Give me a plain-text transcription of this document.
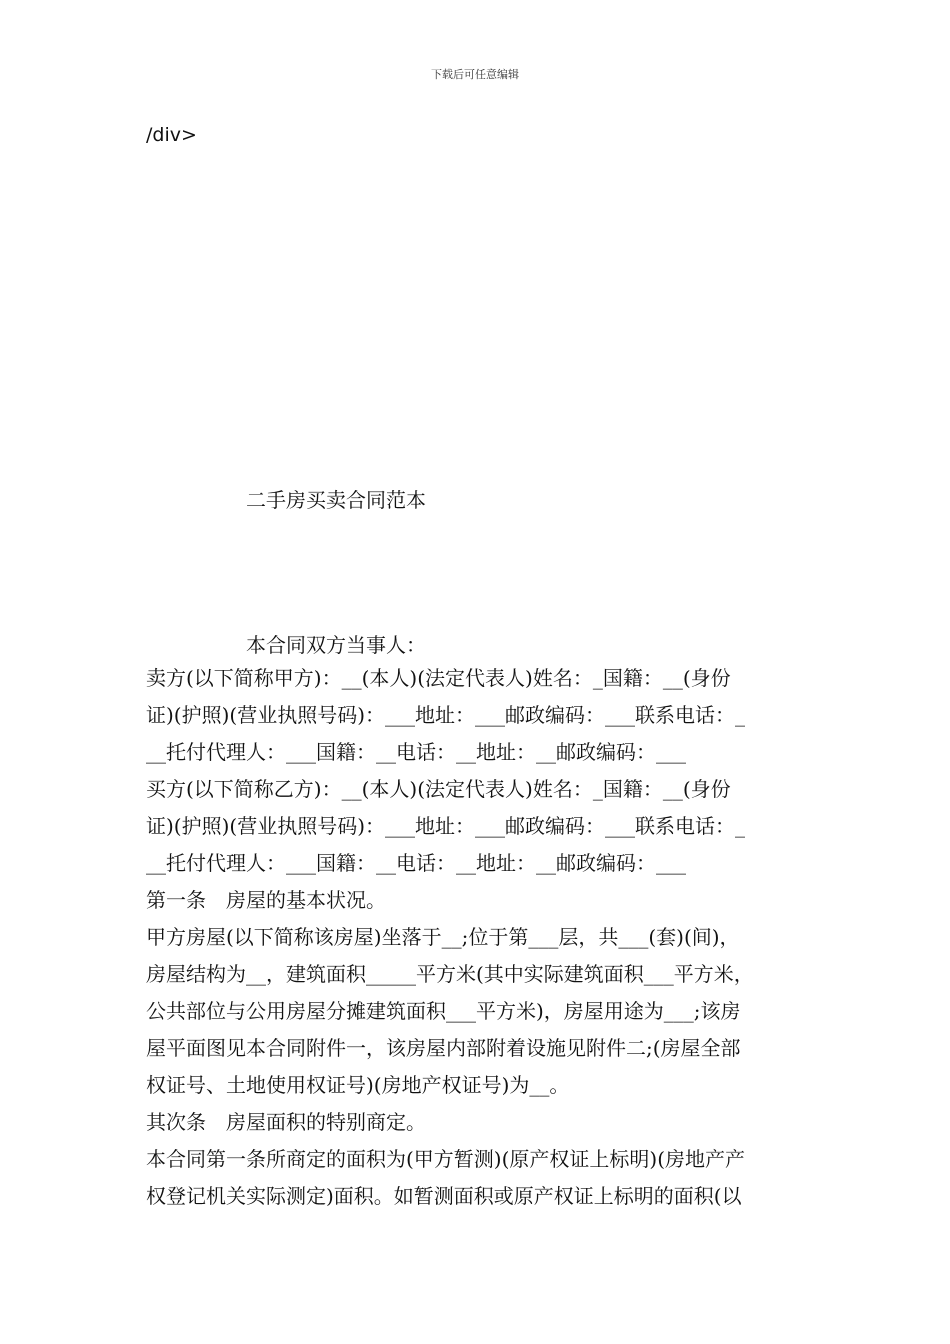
下载后可任意编辑
/div>
二手房买卖合同范本
本合同双方当事人：
卖方(以下简称甲方)：__(本人)(法定代表人)姓名：_国籍：__(身份
证)(护照)(营业执照号码)：___地址：___邮政编码：___联系电话：_
__托付代理人：___国籍：__电话：__地址：__邮政编码：___
买方(以下简称乙方)：__(本人)(法定代表人)姓名：_国籍：__(身份
证)(护照)(营业执照号码)：___地址：___邮政编码：___联系电话：_
__托付代理人：___国籍：__电话：__地址：__邮政编码：___
第一条　房屋的基本状况。
甲方房屋(以下简称该房屋)坐落于__;位于第___层，共___(套)(间)，
房屋结构为__，建筑面积_____平方米(其中实际建筑面积___平方米，
公共部位与公用房屋分摊建筑面积___平方米)，房屋用途为___;该房
屋平面图见本合同附件一，该房屋内部附着设施见附件二;(房屋全部
权证号、土地使用权证号)(房地产权证号)为__。
其次条　房屋面积的特别商定。
本合同第一条所商定的面积为(甲方暂测)(原产权证上标明)(房地产产
权登记机关实际测定)面积。如暂测面积或原产权证上标明的面积(以
